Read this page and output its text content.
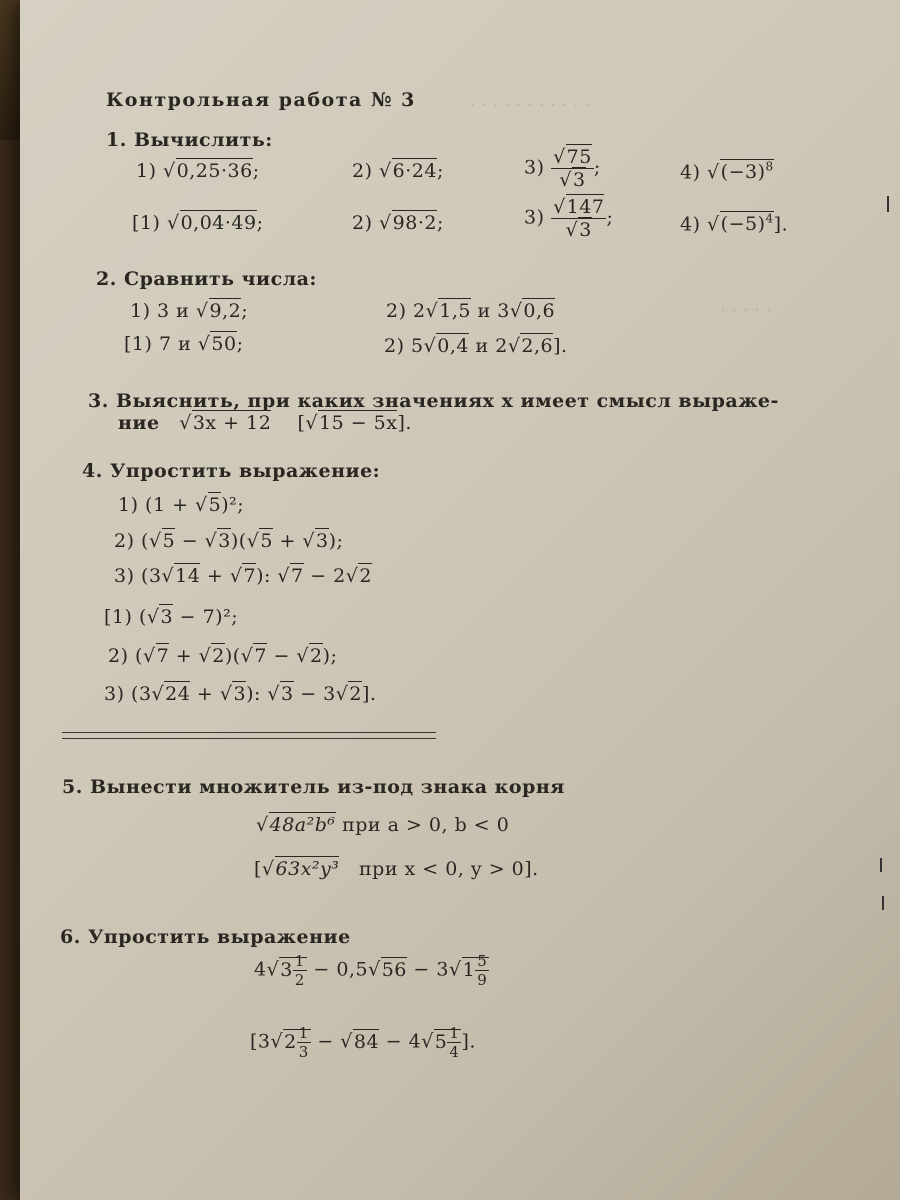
· · · · · · · · · · ·
· · · · ·
Контрольная работа № 3
1. Вычислить:
1) √0,25·36;	2) √6·24;	$3) \frac{√75}{√3}$ ;	4) $√(-3)^8$
[1) √0,04·49;	2) √98·2;	$3) \frac{√147}{√3}$ ;	4) $√(-5)^4$].
2. Сравнить числа:
1) 3 и √9,2;	2) 2√1,5 и 3√0,6
[1) 7 и √50;	2) 5√0,4 и 2√2,6].
3. Выяснить, при каких значениях x имеет смысл выраже-
ние   √3x + 12    [√15 − 5x].
4. Упростить выражение:
1) (1 + √5)²;
2) (√5 − √3)(√5 + √3);
3) (3√14 + √7): √7 − 2√2
[1) (√3 − 7)²;
2) (√7 + √2)(√7 − √2);
3) (3√24 + √3): √3 − 3√2].
5. Вынести множитель из-под знака корня
√48a²b⁶ при a > 0, b < 0
[√63x²y³ при x < 0, y > 0].
6. Упростить выражение
$4√3 \frac{1}{2} - 0,5√56 - 3√1 \frac{5}{9}$
[$3√2 \frac{1}{3} - √84 - 4√5 \frac{1}{4}$ ].
